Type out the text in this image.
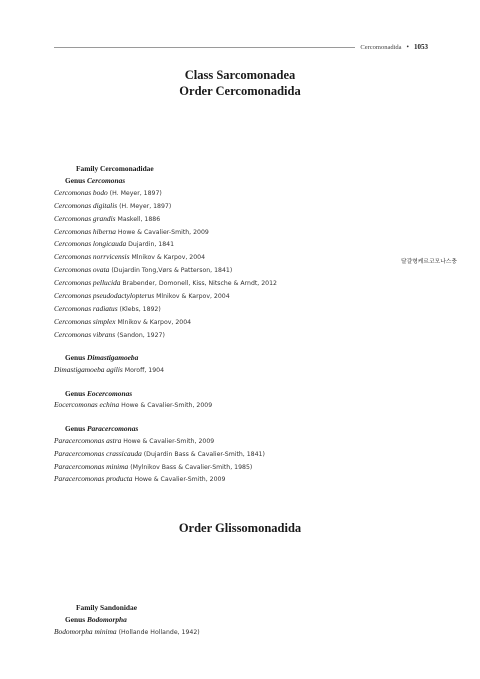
Cercomonadida • 1053
Class Sarcomonadea
Order Cercomonadida
Family Cercomonadidae
Genus Cercomonas
Cercomonas bodo (H. Meyer, 1897)
Cercomonas digitalis (H. Meyer, 1897)
Cercomonas grandis Maskell, 1886
Cercomonas hiberna Howe & Cavalier-Smith, 2009
Cercomonas longicauda Dujardin, 1841
Cercomonas norrvicensis Mlnikov & Karpov, 2004
Cercomonas ovata (Dujardin Tong,Vørs & Patterson, 1841)
Cercomonas pellucida Brabender, Domonell, Kiss, Nitsche & Arndt, 2012
Cercomonas pseudodactylopterus Mlnikov & Karpov, 2004
Cercomonas radiatus (Klebs, 1892)
Cercomonas simplex Mlnikov & Karpov, 2004
Cercomonas vibrans (Sandon, 1927)
Genus Dimastigamoeba
Dimastigamoeba agilis Moroff, 1904
Genus Eocercomonas
Eocercomonas echina Howe & Cavalier-Smith, 2009
Genus Paracercomonas
Paracercomonas astra Howe & Cavalier-Smith, 2009
Paracercomonas crassicauda (Dujardin Bass & Cavalier-Smith, 1841)
Paracercomonas minima (Mylnikov Bass & Cavalier-Smith, 1985)
Paracercomonas producta Howe & Cavalier-Smith, 2009
달걀형케르코모나스충
Order Glissomonadida
Family Sandonidae
Genus Bodomorpha
Bodomorpha minima (Hollande Hollande, 1942)
